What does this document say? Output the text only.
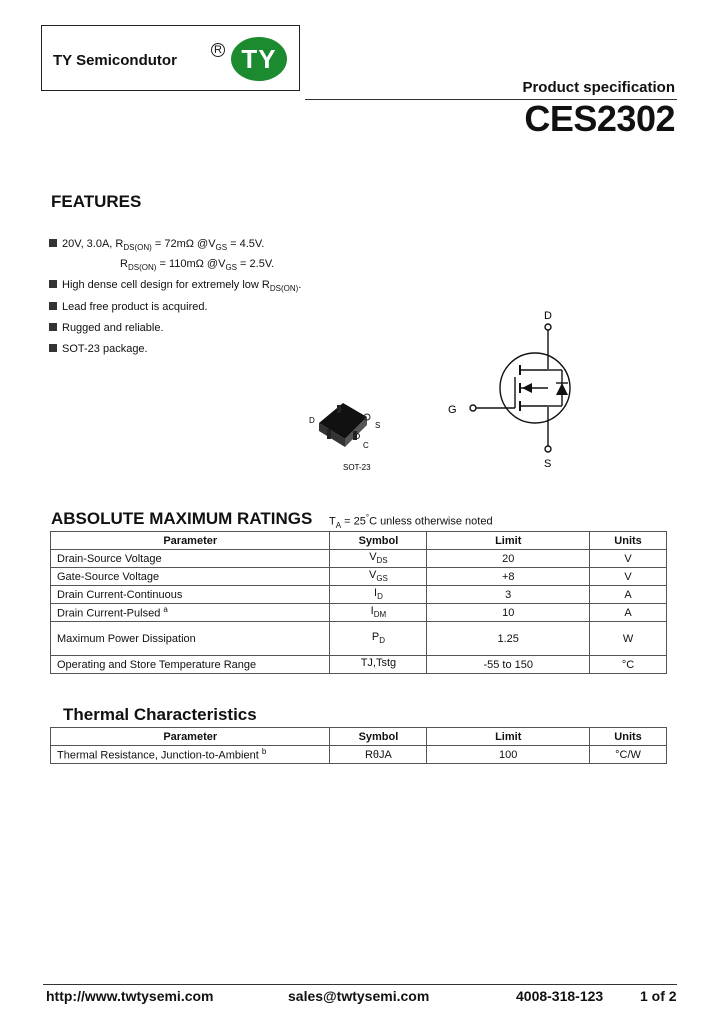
TY Semicondutor
R TY
Product specification
CES2302
FEATURES
20V, 3.0A, $R_{DS(ON)} = 72m\Omega$ $@V_{GS} = 4.5V$.
$R_{DS(ON)} = 110m\Omega$ $@V_{GS} = 2.5V$.
High dense cell design for extremely low $R_{DS(ON)}$.
Lead free product is acquired.
Rugged and reliable.
SOT-23 package.
D
S
C
SOT-23
D
G
S
ABSOLUTE MAXIMUM RATINGS $T_A = 25^\circ C$ unless otherwise noted
Parameter	Symbol	Limit	Units
Drain-Source Voltage	$V_{DS}$	20	V
Gate-Source Voltage	$V_{GS}$	+8	V
Drain Current-Continuous	$I_D$	3	A
Drain Current-Pulsed $^a$	$I_{DM}$	10	A
Maximum Power Dissipation	$P_D$	1.25	W
Operating and Store Temperature Range	TJ,Tstg	-55 to 150	°C
Thermal Characteristics
Parameter	Symbol	Limit	Units
Thermal Resistance, Junction-to-Ambient $^b$	RθJA	100	°C/W
http://www.twtysemi.com	sales@twtysemi.com	4008-318-123	1 of 2
